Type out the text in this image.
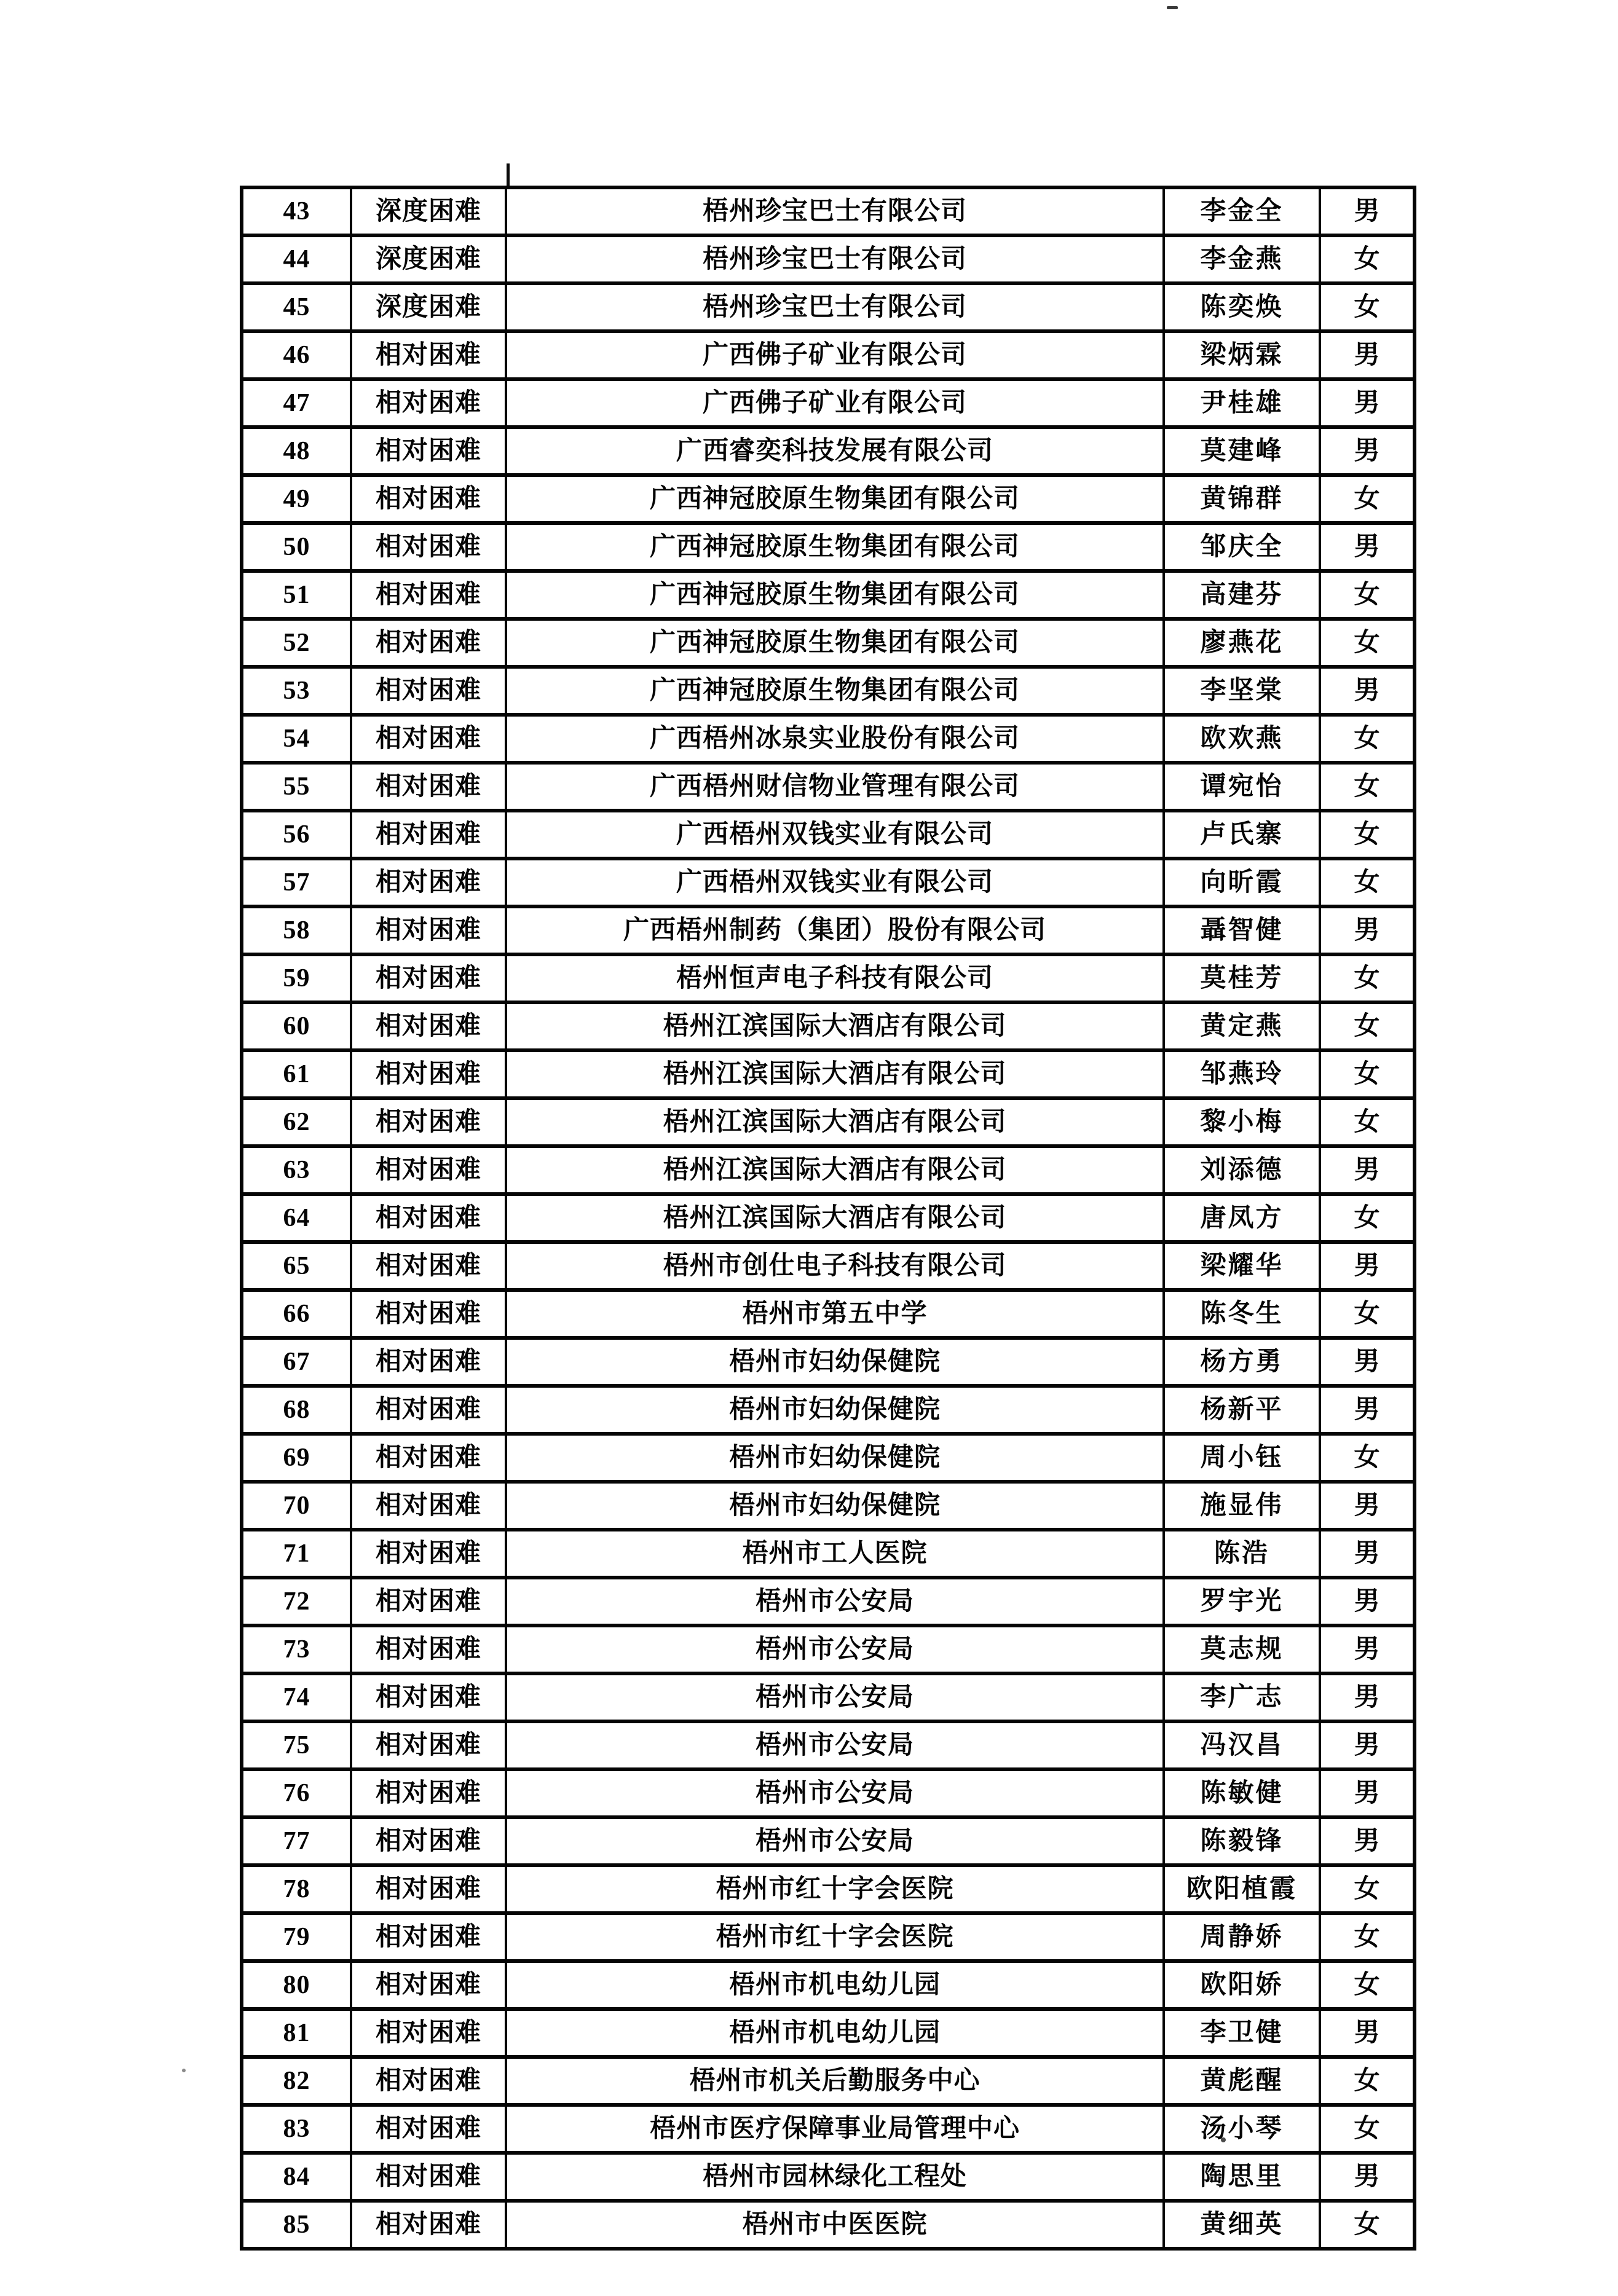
43	深度困难	梧州珍宝巴士有限公司	李金全	男
44	深度困难	梧州珍宝巴士有限公司	李金燕	女
45	深度困难	梧州珍宝巴士有限公司	陈奕焕	女
46	相对困难	广西佛子矿业有限公司	梁炳霖	男
47	相对困难	广西佛子矿业有限公司	尹桂雄	男
48	相对困难	广西睿奕科技发展有限公司	莫建峰	男
49	相对困难	广西神冠胶原生物集团有限公司	黄锦群	女
50	相对困难	广西神冠胶原生物集团有限公司	邹庆全	男
51	相对困难	广西神冠胶原生物集团有限公司	高建芬	女
52	相对困难	广西神冠胶原生物集团有限公司	廖燕花	女
53	相对困难	广西神冠胶原生物集团有限公司	李坚棠	男
54	相对困难	广西梧州冰泉实业股份有限公司	欧欢燕	女
55	相对困难	广西梧州财信物业管理有限公司	谭宛怡	女
56	相对困难	广西梧州双钱实业有限公司	卢氏寨	女
57	相对困难	广西梧州双钱实业有限公司	向昕霞	女
58	相对困难	广西梧州制药（集团）股份有限公司	聶智健	男
59	相对困难	梧州恒声电子科技有限公司	莫桂芳	女
60	相对困难	梧州江滨国际大酒店有限公司	黄定燕	女
61	相对困难	梧州江滨国际大酒店有限公司	邹燕玲	女
62	相对困难	梧州江滨国际大酒店有限公司	黎小梅	女
63	相对困难	梧州江滨国际大酒店有限公司	刘添德	男
64	相对困难	梧州江滨国际大酒店有限公司	唐凤方	女
65	相对困难	梧州市创仕电子科技有限公司	梁耀华	男
66	相对困难	梧州市第五中学	陈冬生	女
67	相对困难	梧州市妇幼保健院	杨方勇	男
68	相对困难	梧州市妇幼保健院	杨新平	男
69	相对困难	梧州市妇幼保健院	周小钰	女
70	相对困难	梧州市妇幼保健院	施显伟	男
71	相对困难	梧州市工人医院	陈浩	男
72	相对困难	梧州市公安局	罗宇光	男
73	相对困难	梧州市公安局	莫志规	男
74	相对困难	梧州市公安局	李广志	男
75	相对困难	梧州市公安局	冯汉昌	男
76	相对困难	梧州市公安局	陈敏健	男
77	相对困难	梧州市公安局	陈毅锋	男
78	相对困难	梧州市红十字会医院	欧阳植霞	女
79	相对困难	梧州市红十字会医院	周静娇	女
80	相对困难	梧州市机电幼儿园	欧阳娇	女
81	相对困难	梧州市机电幼儿园	李卫健	男
82	相对困难	梧州市机关后勤服务中心	黄彪醒	女
83	相对困难	梧州市医疗保障事业局管理中心	汤小琴	女
84	相对困难	梧州市园林绿化工程处	陶思里	男
85	相对困难	梧州市中医医院	黄细英	女
